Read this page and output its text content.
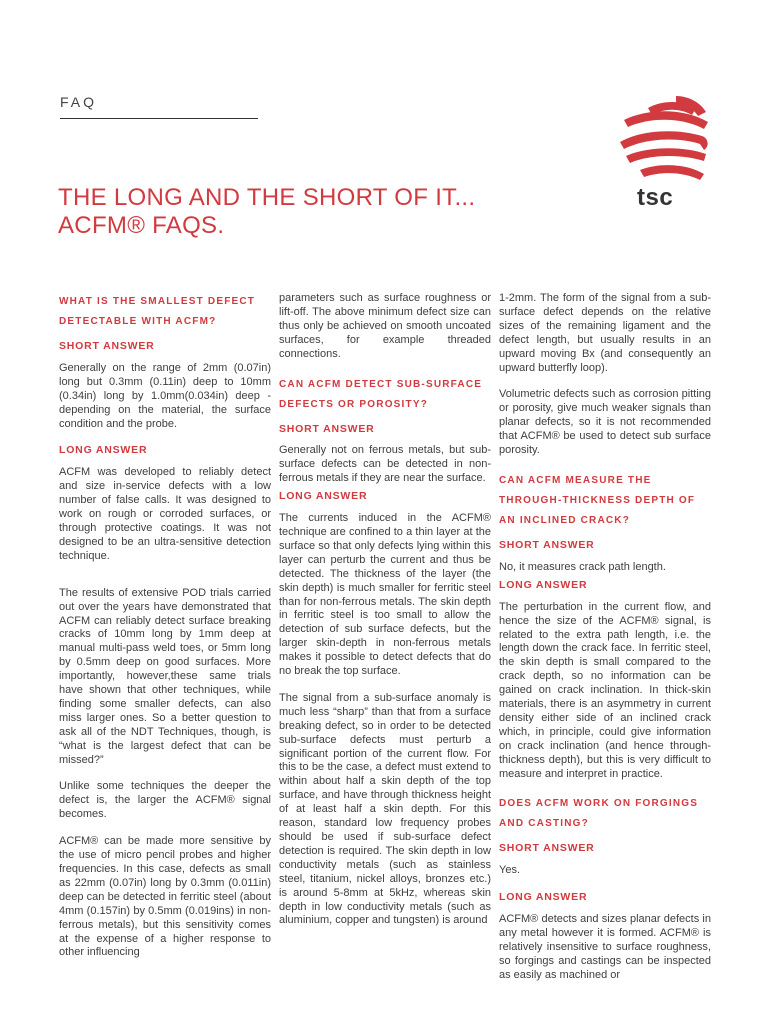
FAQ
tsc
THE LONG AND THE SHORT OF IT...
ACFM® FAQS.
WHAT IS THE SMALLEST DEFECT DETECTABLE WITH ACFM?
SHORT ANSWER
Generally on the range of 2mm (0.07in) long but 0.3mm (0.11in) deep to 10mm (0.34in) long by 1.0mm(0.034in) deep - depending on the material, the surface condition and the probe.
LONG ANSWER
ACFM was developed to reliably detect and size in-service defects with a low number of false calls. It was designed to work on rough or corroded surfaces, or through protective coatings. It was not designed to be an ultra-sensitive detection technique.
The results of extensive POD trials carried out over the years have demonstrated that ACFM can reliably detect surface breaking cracks of 10mm long by 1mm deep at manual multi-pass weld toes, or 5mm long by 0.5mm deep on good surfaces. More importantly, however,these same trials have shown that other techniques, while finding some smaller defects, can also miss larger ones. So a better question to ask all of the NDT Techniques, though, is “what is the largest defect that can be missed?”
Unlike some techniques the deeper the defect is, the larger the ACFM® signal becomes.
ACFM® can be made more sensitive by the use of micro pencil probes and higher frequencies. In this case, defects as small as 22mm (0.07in) long by 0.3mm (0.011in) deep can be detected in ferritic steel (about 4mm (0.157in) by 0.5mm (0.019ins) in non-ferrous metals), but this sensitivity comes at the expense of a higher response to other influencing
parameters such as surface roughness or lift-off. The above minimum defect size can thus only be achieved on smooth uncoated surfaces, for example threaded connections.
CAN ACFM DETECT SUB-SURFACE DEFECTS OR POROSITY?
SHORT ANSWER
Generally not on ferrous metals, but sub-surface defects can be detected in non-ferrous metals if they are near the surface.
LONG ANSWER
The currents induced in the ACFM® technique are confined to a thin layer at the surface so that only defects lying within this layer can perturb the current and thus be detected. The thickness of the layer (the skin depth) is much smaller for ferritic steel than for non-ferrous metals. The skin depth in ferritic steel is too small to allow the detection of sub surface defects, but the larger skin-depth in non-ferrous metals makes it possible to detect defects that do no break the top surface.
The signal from a sub-surface anomaly is much less “sharp” than that from a surface breaking defect, so in order to be detected sub-surface defects must perturb a significant portion of the current flow. For this to be the case, a defect must extend to within about half a skin depth of the top surface, and have through thickness height of at least half a skin depth. For this reason, standard low frequency probes should be used if sub-surface defect detection is required. The skin depth in low conductivity metals (such as stainless steel, titanium, nickel alloys, bronzes etc.) is around 5-8mm at 5kHz, whereas skin depth in low conductivity metals (such as aluminium, copper and tungsten) is around
1-2mm. The form of the signal from a sub-surface defect depends on the relative sizes of the remaining ligament and the defect length, but usually results in an upward moving Bx (and consequently an upward butterfly loop).
Volumetric defects such as corrosion pitting or porosity, give much weaker signals than planar defects, so it is not recommended that ACFM® be used to detect sub surface porosity.
CAN ACFM MEASURE THE THROUGH-THICKNESS DEPTH OF AN INCLINED CRACK?
SHORT ANSWER
No, it measures crack path length.
LONG ANSWER
The perturbation in the current flow, and hence the size of the ACFM® signal, is related to the extra path length, i.e. the length down the crack face. In ferritic steel, the skin depth is small compared to the crack depth, so no information can be gained on crack inclination. In thick-skin materials, there is an asymmetry in current density either side of an inclined crack which, in principle, could give information on crack inclination (and hence through-thickness depth), but this is very difficult to measure and interpret in practice.
DOES ACFM WORK ON FORGINGS AND CASTING?
SHORT ANSWER
Yes.
LONG ANSWER
ACFM® detects and sizes planar defects in any metal however it is formed. ACFM® is relatively insensitive to surface roughness, so forgings and castings can be inspected as easily as machined or
